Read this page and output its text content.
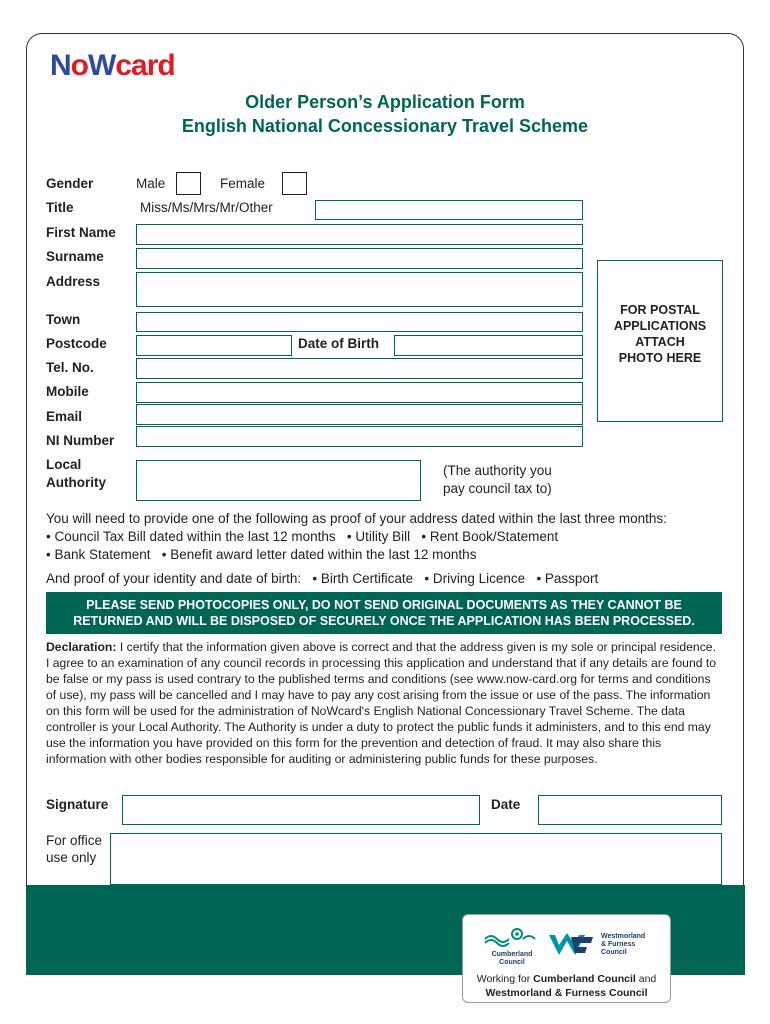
NoWcard
Older Person’s Application Form
English National Concessionary Travel Scheme
Gender	Male	Female
Title	Miss/Ms/Mrs/Mr/Other
First Name
Surname
Address
Town
Postcode	Date of Birth
Tel. No.
Mobile
Email
NI Number
Local
Authority
(The authority you
pay council tax to)
FOR POSTAL
APPLICATIONS
ATTACH
PHOTO HERE
You will need to provide one of the following as proof of your address dated within the last three months:
• Council Tax Bill dated within the last 12 months   • Utility Bill   • Rent Book/Statement
• Bank Statement   • Benefit award letter dated within the last 12 months
And proof of your identity and date of birth:   • Birth Certificate   • Driving Licence   • Passport
PLEASE SEND PHOTOCOPIES ONLY, DO NOT SEND ORIGINAL DOCUMENTS AS THEY CANNOT BE
RETURNED AND WILL BE DISPOSED OF SECURELY ONCE THE APPLICATION HAS BEEN PROCESSED.
Declaration: I certify that the information given above is correct and that the address given is my sole or principal residence. I agree to an examination of any council records in processing this application and understand that if any details are found to be false or my pass is used contrary to the published terms and conditions (see www.now-card.org for terms and conditions of use), my pass will be cancelled and I may have to pay any cost arising from the issue or use of the pass. The information on this form will be used for the administration of NoWcard's English National Concessionary Travel Scheme. The data controller is your Local Authority. The Authority is under a duty to protect the public funds it administers, and to this end may use the information you have provided on this form for the prevention and detection of fraud. It may also share this information with other bodies responsible for auditing or administering public funds for these purposes.
Signature	Date
For office
use only
Cumberland
Council
Westmorland
& Furness
Council
Working for Cumberland Council and
Westmorland & Furness Council
